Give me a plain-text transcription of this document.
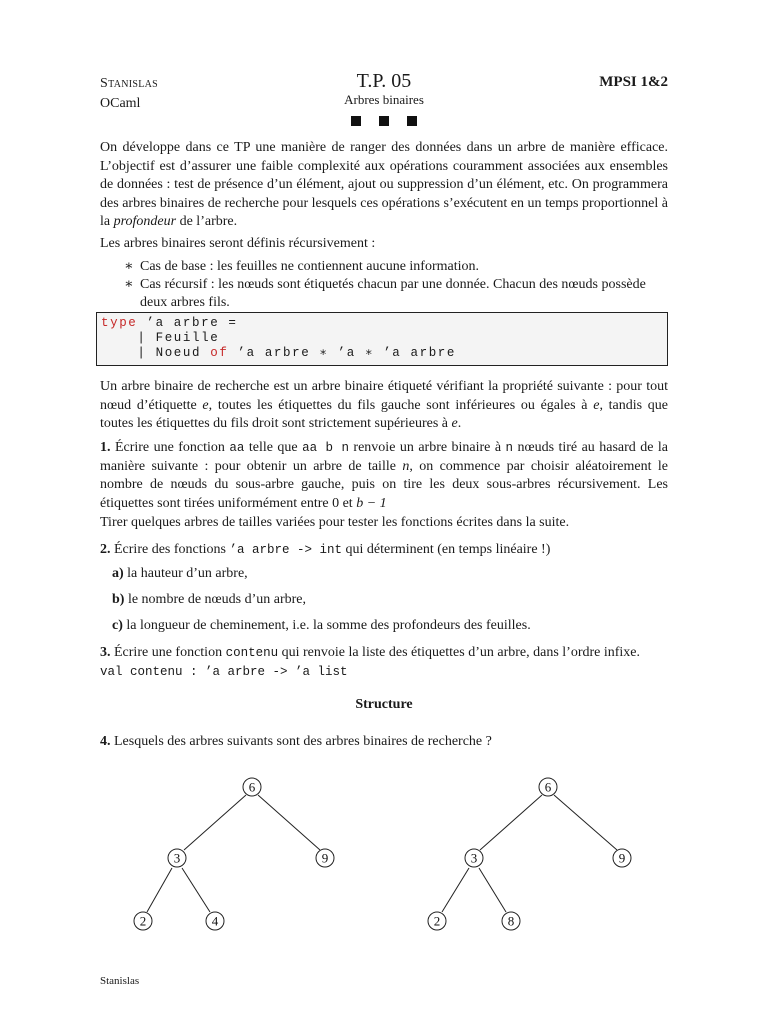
Stanislas
OCaml
T.P. 05
Arbres binaires
MPSI 1&2

On développe dans ce TP une manière de ranger des données dans un arbre de manière efficace. L’objectif est d’assurer une faible complexité aux opérations couramment associées aux ensembles de données : test de présence d’un élément, ajout ou suppression d’un élément, etc. On programmera des arbres binaires de recherche pour lesquels ces opérations s’exécutent en un temps proportionnel à la profondeur de l’arbre.

Les arbres binaires seront définis récursivement :
∗ Cas de base : les feuilles ne contiennent aucune information.
∗ Cas récursif : les nœuds sont étiquetés chacun par une donnée. Chacun des nœuds possède deux arbres fils.
type ’a arbre =
| Feuille
| Noeud of ’a arbre ∗ ’a ∗ ’a arbre

Un arbre binaire de recherche est un arbre binaire étiqueté vérifiant la propriété suivante : pour tout nœud d’étiquette e, toutes les étiquettes du fils gauche sont inférieures ou égales à e, tandis que toutes les étiquettes du fils droit sont strictement supérieures à e.

1. Écrire une fonction aa telle que aa b n renvoie un arbre binaire à n nœuds tiré au hasard de la manière suivante : pour obtenir un arbre de taille n, on commence par choisir aléatoirement le nombre de nœuds du sous-arbre gauche, puis on tire les deux sous-arbres récursivement. Les étiquettes sont tirées uniformément entre 0 et b − 1

Tirer quelques arbres de tailles variées pour tester les fonctions écrites dans la suite.

2. Écrire des fonctions ’a arbre -> int qui déterminent (en temps linéaire !)

a) la hauteur d’un arbre,
b) le nombre de nœuds d’un arbre,
c) la longueur de cheminement, i.e. la somme des profondeurs des feuilles.

3. Écrire une fonction contenu qui renvoie la liste des étiquettes d’un arbre, dans l’ordre infixe.

val contenu : ’a arbre -> ’a list

Structure

4. Lesquels des arbres suivants sont des arbres binaires de recherche ?

6
3	9
2	4
6
3	9
2	8
Stanislas
